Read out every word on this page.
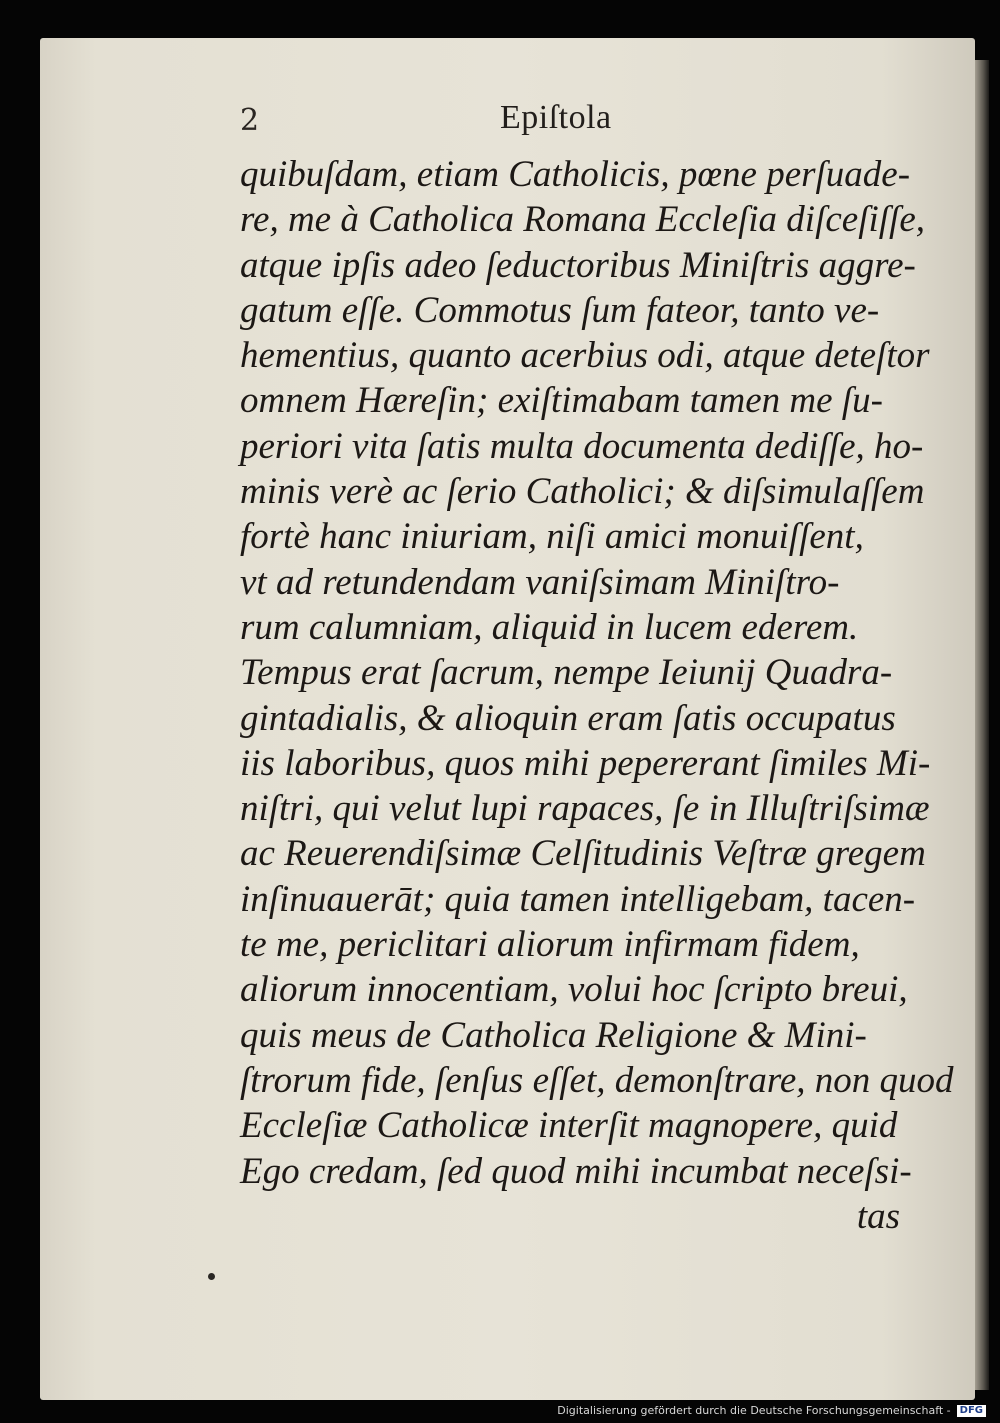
2	Epiſtola
quibuſdam, etiam Catholicis, pœne perſuade-
re, me à Catholica Romana Eccleſia diſceſiſſe,
atque ipſis adeo ſeductoribus Miniſtris aggre-
gatum eſſe. Commotus ſum fateor, tanto ve-
hementius, quanto acerbius odi, atque deteſtor
omnem Hæreſin; exiſtimabam tamen me ſu-
periori vita ſatis multa documenta dediſſe, ho-
minis verè ac ſerio Catholici; & diſsimulaſſem
fortè hanc iniuriam, niſi amici monuiſſent,
vt ad retundendam vaniſsimam Miniſtro-
rum calumniam, aliquid in lucem ederem.
Tempus erat ſacrum, nempe Ieiunij Quadra-
gintadialis, & alioquin eram ſatis occupatus
iis laboribus, quos mihi pepererant ſimiles Mi-
niſtri, qui velut lupi rapaces, ſe in Illuſtriſsimæ
ac Reuerendiſsimæ Celſitudinis Veſtræ gregem
inſinuauerāt; quia tamen intelligebam, tacen-
te me, periclitari aliorum infirmam fidem,
aliorum innocentiam, volui hoc ſcripto breui,
quis meus de Catholica Religione & Mini-
ſtrorum fide, ſenſus eſſet, demonſtrare, non quod
Eccleſiæ Catholicæ interſit magnopere, quid
Ego credam, ſed quod mihi incumbat neceſsi-
tas
Digitalisierung gefördert durch die Deutsche Forschungsgemeinschaft - DFG
